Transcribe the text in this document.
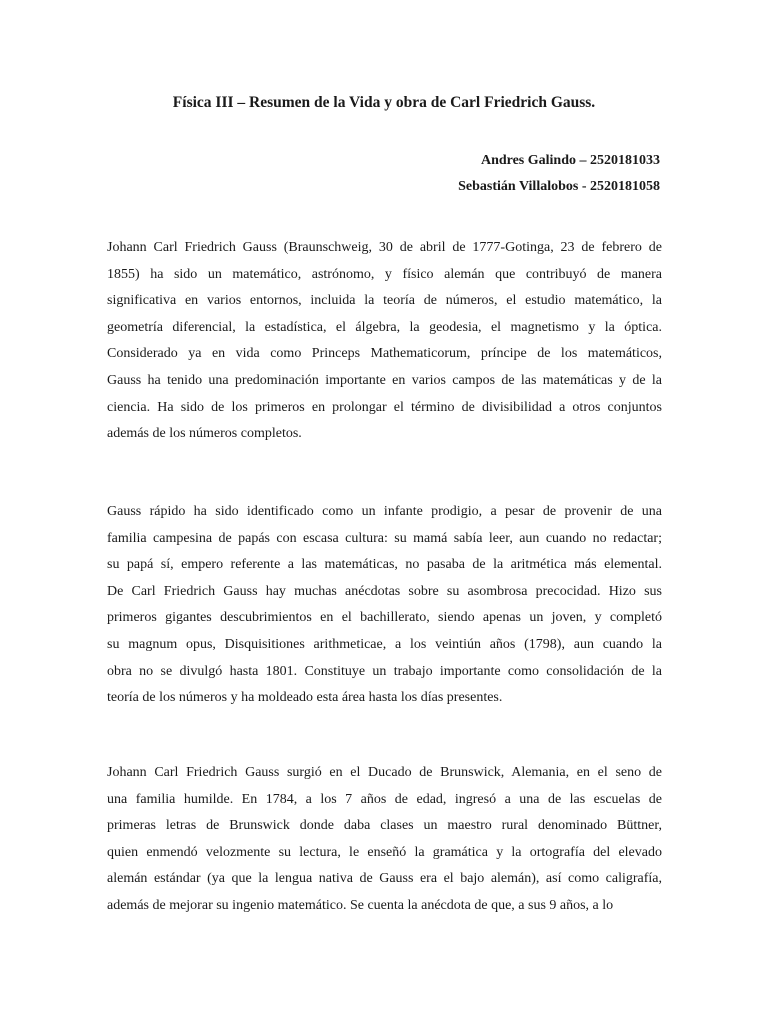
Física III – Resumen de la Vida y obra de Carl Friedrich Gauss.
Andres Galindo – 2520181033
Sebastián Villalobos - 2520181058
Johann Carl Friedrich Gauss (Braunschweig, 30 de abril de 1777-Gotinga, 23 de febrero de
1855) ha sido un matemático, astrónomo, y físico alemán que contribuyó de manera
significativa en varios entornos, incluida la teoría de números, el estudio matemático, la
geometría diferencial, la estadística, el álgebra, la geodesia, el magnetismo y la óptica.
Considerado ya en vida como Princeps Mathematicorum, príncipe de los matemáticos,
Gauss ha tenido una predominación importante en varios campos de las matemáticas y de la
ciencia. Ha sido de los primeros en prolongar el término de divisibilidad a otros conjuntos
además de los números completos.
Gauss rápido ha sido identificado como un infante prodigio, a pesar de provenir de una
familia campesina de papás con escasa cultura: su mamá sabía leer, aun cuando no redactar;
su papá sí, empero referente a las matemáticas, no pasaba de la aritmética más elemental.
De Carl Friedrich Gauss hay muchas anécdotas sobre su asombrosa precocidad. Hizo sus
primeros gigantes descubrimientos en el bachillerato, siendo apenas un joven, y completó
su magnum opus, Disquisitiones arithmeticae, a los veintiún años (1798), aun cuando la
obra no se divulgó hasta 1801. Constituye un trabajo importante como consolidación de la
teoría de los números y ha moldeado esta área hasta los días presentes.
Johann Carl Friedrich Gauss surgió en el Ducado de Brunswick, Alemania, en el seno de
una familia humilde. En 1784, a los 7 años de edad, ingresó a una de las escuelas de
primeras letras de Brunswick donde daba clases un maestro rural denominado Büttner,
quien enmendó velozmente su lectura, le enseñó la gramática y la ortografía del elevado
alemán estándar (ya que la lengua nativa de Gauss era el bajo alemán), así como caligrafía,
además de mejorar su ingenio matemático. Se cuenta la anécdota de que, a sus 9 años, a lo
